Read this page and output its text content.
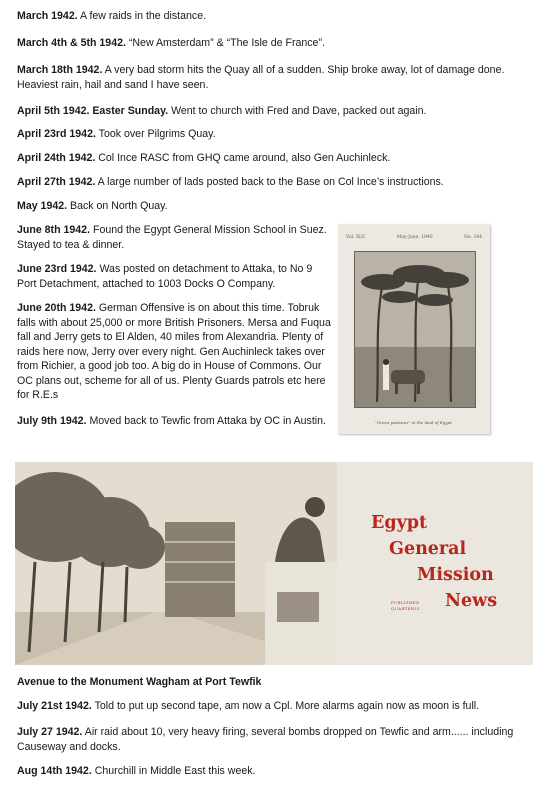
March 1942. A few raids in the distance.
March 4th & 5th 1942. “New Amsterdam” & “The Isle de France”.
March 18th 1942. A very bad storm hits the Quay all of a sudden. Ship broke away, lot of damage done. Heaviest rain, hail and sand I have seen.
April 5th 1942. Easter Sunday. Went to church with Fred and Dave, packed out again.
April 23rd 1942. Took over Pilgrims Quay.
April 24th 1942. Col Ince RASC from GHQ came around, also Gen Auchinleck.
April 27th 1942. A large number of lads posted back to the Base on Col Ince’s instructions.
May 1942. Back on North Quay.
June 8th 1942. Found the Egypt General Mission School in Suez. Stayed to tea & dinner.
June 23rd 1942. Was posted on detachment to Attaka, to No 9 Port Detachment, attached to 1003 Docks O Company.
June 20th 1942. German Offensive is on about this time. Tobruk falls with about 25,000 or more British Prisoners. Mersa and Fuqua fall and Jerry gets to El Alden, 40 miles from Alexandria. Plenty of raids here now, Jerry over every night. Gen Auchinleck takes over from Richier, a good job too. A big do in House of Commons. Our OC plans out, scheme for all of us. Plenty Guards patrols etc here for R.E.s
July 9th 1942. Moved back to Tewfic from Attaka by OC in Austin.
Vol. XLV.	May-June, 1940	No. 244
“Green pastures” in the land of Egypt.
Egypt
General
Mission
News
PUBLISHED
QUARTERLY
Avenue to the Monument Wagham at Port Tewfik
July 21st 1942. Told to put up second tape, am now a Cpl. More alarms again now as moon is full.
July 27 1942. Air raid about 10, very heavy firing, several bombs dropped on Tewfic and arm...... including Causeway and docks.
Aug 14th 1942. Churchill in Middle East this week.
